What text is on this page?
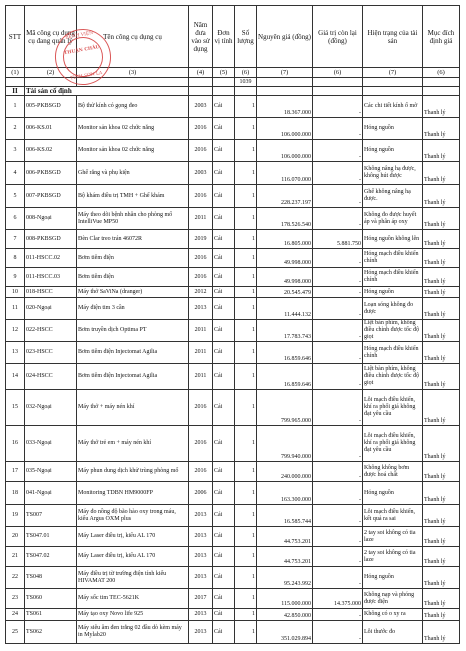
STT	Mã công cụ dụng cụ đang quản lý	Tên công cụ dụng cụ	Năm đưa vào sử dụng	Đơn vị tính	Số lượng	Nguyên giá (đồng)	Giá trị còn lại (đồng)	Hiện trạng của tài sản	Mục đích định giá
(1)	(2)	(3)	(4)	(5)	(6)	(7)	(6)	(7)	(6)
					1039				
II	Tài sản cố định								
1	005-PKBSGD	Bộ thử kính có gọng đeo	2003	Cái	1	18.367.000	-	Các chi tiết kính ố mờ	Thanh lý
2	006-KS.01	Monitor sản khoa 02 chức năng	2016	Cái	1	106.000.000	-	Hỏng nguồn	Thanh lý
3	006-KS.02	Monitor sản khoa 02 chức năng	2016	Cái	1	106.000.000	-	Hỏng nguồn	Thanh lý
4	006-PKBSGD	Ghế răng và phụ kiện	2003	Cái	1	116.070.000	-	Không nâng hạ được, không hút được	Thanh lý
5	007-PKBSGD	Bộ khám điều trị TMH + Ghế khám	2016	Cái	1	228.237.197	-	Ghế không nâng hạ được.	Thanh lý
6	008-Ngoại	Máy theo dõi bệnh nhân cho phòng mổ IntelliVue MP50	2011	Cái	1	178.526.540	-	Không đo được huyết áp và phân áp oxy	Thanh lý
7	008-PKBSGD	Đèn Clar treo trán 46072R	2019	Cái	1	16.805.000	5.881.750	Hỏng nguồn không lên	Thanh lý
8	011-HSCC.02	Bơm tiêm điện	2016	Cái	1	49.998.000	-	Hỏng mạch điều khiển chính	Thanh lý
9	011-HSCC.03	Bơm tiêm điện	2016	Cái	1	49.998.000	-	Hỏng mạch điều khiển chính	Thanh lý
10	018-HSCC	Máy thở SaViNa (dranger)	2012	Cái	1	20.545.479	-	Hỏng nguồn	Thanh lý
11	020-Ngoại	Máy điện tim 3 cần	2013	Cái	1	11.444.132	-	Loạn sóng không đo được	Thanh lý
12	022-HSCC	Bơm truyền dịch Optima PT	2011	Cái	1	17.783.743	-	Liệt bàn phím, không điều chỉnh được tốc độ giọt	Thanh lý
13	023-HSCC	Bơm tiêm điện Injectomat Agilia	2011	Cái	1	16.859.646	-	Hỏng mạch điều khiển chính	Thanh lý
14	024-HSCC	Bơm tiêm điện Injectomat Agilia	2011	Cái	1	16.859.646	-	Liệt bàn phím, không điều chỉnh được tốc độ giọt	Thanh lý
15	032-Ngoại	Máy thở + máy nén khí	2016	Cái	1	799.965.000	-	Lỗi mạch điều khiển, khí ra phối giá không đạt yêu cầu	Thanh lý
16	033-Ngoại	Máy thở trẻ em + máy nén khí	2016	Cái	1	799.940.000	-	Lỗi mạch điều khiển, khí ra phối giá không đạt yêu cầu	Thanh lý
17	035-Ngoại	Máy phun dung dịch khử trùng phòng mổ	2016	Cái	1	240.000.000	-	Không không bơm được hoá chất	Thanh lý
18	041-Ngoại	Monitoring TDBN HM9000FP	2006	Cái	1	163.300.000	-	Hỏng nguồn	Thanh lý
19	TS007	Máy đo nồng độ bão hào oxy trong máu, kiểu Argus OXM plus	2013	Cái	1	16.585.744	-	Lỗi mạch điều khiển, kết quả ra sai	Thanh lý
20	TS047.01	Máy Laser điều trị, kiểu AL 170	2013	Cái	1	44.753.201	-	2 tay soi không có tia laze	Thanh lý
21	TS047.02	Máy Laser điều trị, kiểu AL 170	2013	Cái	1	44.753.201	-	2 tay soi không có tia laze	Thanh lý
22	TS048	Máy điều trị từ trường điện tính kiểu HIVAMAT 200	2013	Cái	1	95.243.992	-	Hỏng nguồn	Thanh lý
23	TS060	Máy sốc tim TEC-5621K	2017	Cái	1	115.000.000	14.375.000	Không nạp và phóng được điện	Thanh lý
24	TS061	Máy tạo oxy Novo life 925	2013	Cái	1	42.850.000	-	Không có o xy ra	Thanh lý
25	TS062	Máy siêu âm đen trắng 02 đầu dò kèm máy in Mylab20	2013	Cái	1	351.029.894	-	Lỗi thước đo	Thanh lý
BỆNH VIỆN
THUẬN CHÂU
TỈNH SƠN LA
